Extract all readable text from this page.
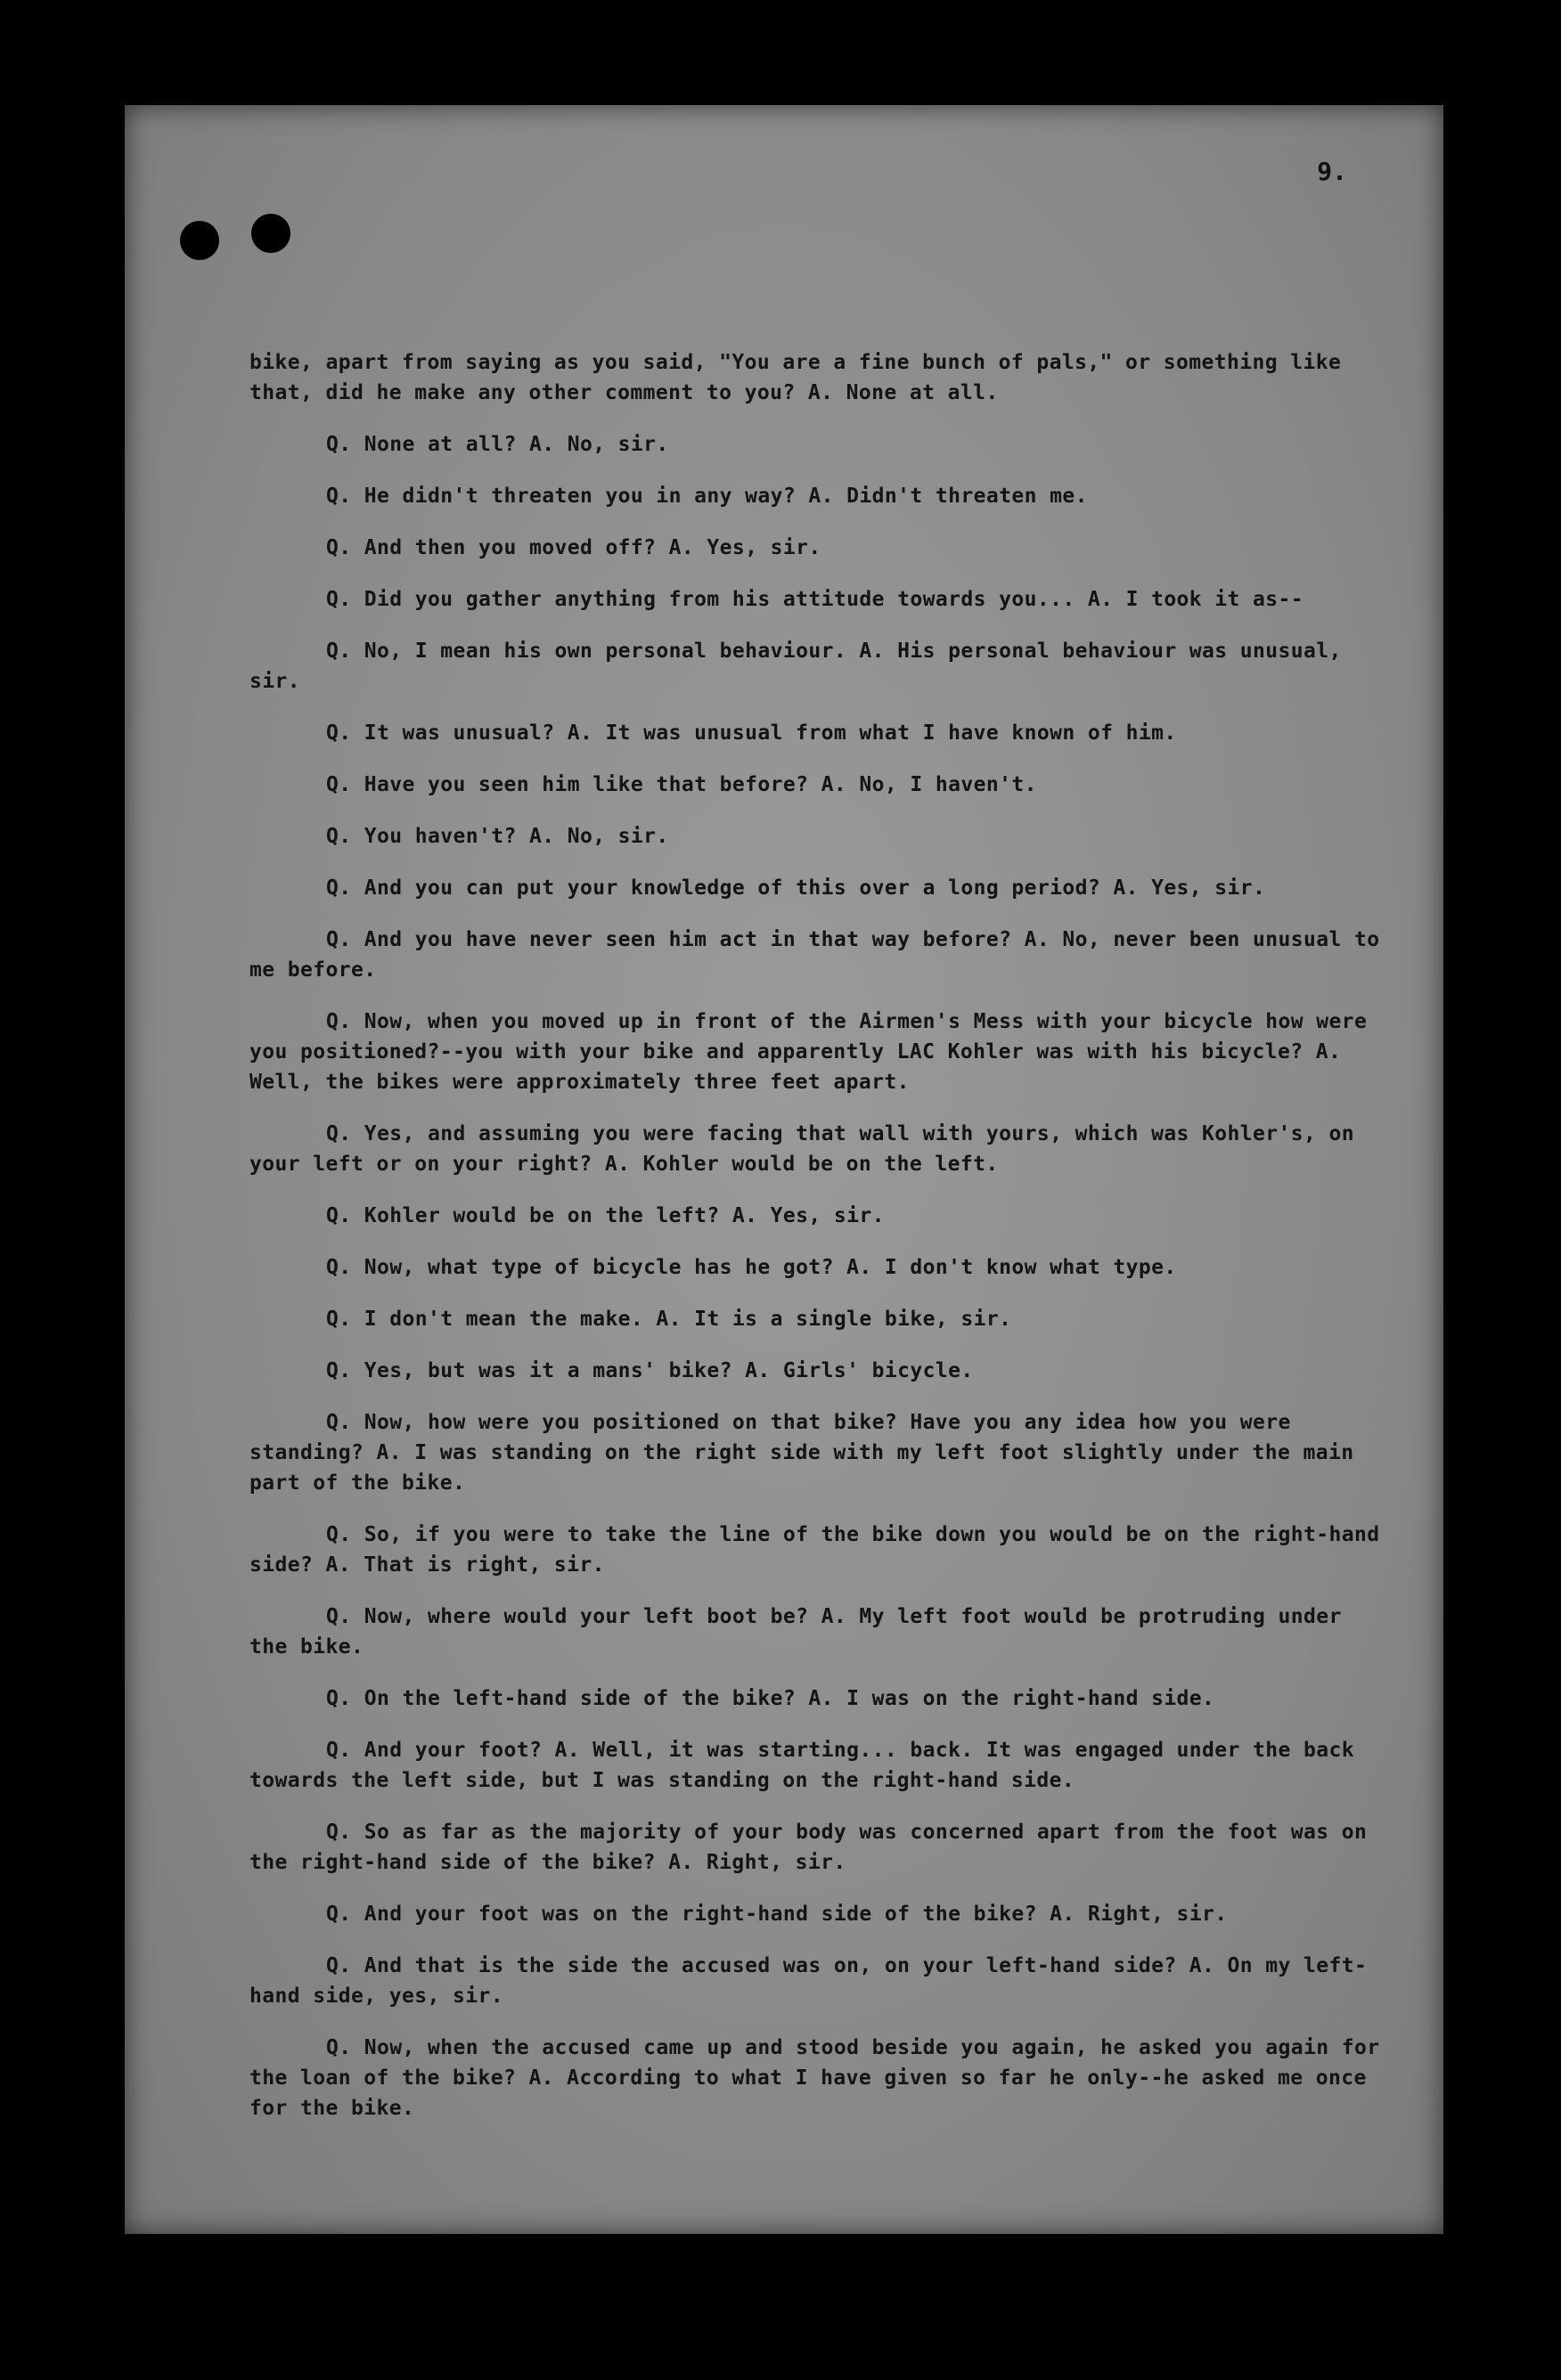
9.

bike, apart from saying as you said, "You are a fine bunch of pals," or something like that, did he make any other comment to you? A. None at all.

Q. None at all? A. No, sir.

Q. He didn't threaten you in any way? A. Didn't threaten me.

Q. And then you moved off? A. Yes, sir.

Q. Did you gather anything from his attitude towards you... A. I took it as--

Q. No, I mean his own personal behaviour. A. His personal behaviour was unusual, sir.

Q. It was unusual? A. It was unusual from what I have known of him.

Q. Have you seen him like that before? A. No, I haven't.

Q. You haven't? A. No, sir.

Q. And you can put your knowledge of this over a long period? A. Yes, sir.

Q. And you have never seen him act in that way before? A. No, never been unusual to me before.

Q. Now, when you moved up in front of the Airmen's Mess with your bicycle how were you positioned?--you with your bike and apparently LAC Kohler was with his bicycle? A. Well, the bikes were approximately three feet apart.

Q. Yes, and assuming you were facing that wall with yours, which was Kohler's, on your left or on your right? A. Kohler would be on the left.

Q. Kohler would be on the left? A. Yes, sir.

Q. Now, what type of bicycle has he got? A. I don't know what type.

Q. I don't mean the make. A. It is a single bike, sir.

Q. Yes, but was it a mans' bike? A. Girls' bicycle.

Q. Now, how were you positioned on that bike? Have you any idea how you were standing? A. I was standing on the right side with my left foot slightly under the main part of the bike.

Q. So, if you were to take the line of the bike down you would be on the right-hand side? A. That is right, sir.

Q. Now, where would your left boot be? A. My left foot would be protruding under the bike.

Q. On the left-hand side of the bike? A. I was on the right-hand side.

Q. And your foot? A. Well, it was starting... back. It was engaged under the back towards the left side, but I was standing on the right-hand side.

Q. So as far as the majority of your body was concerned apart from the foot was on the right-hand side of the bike? A. Right, sir.

Q. And your foot was on the right-hand side of the bike? A. Right, sir.

Q. And that is the side the accused was on, on your left-hand side? A. On my left-hand side, yes, sir.

Q. Now, when the accused came up and stood beside you again, he asked you again for the loan of the bike? A. According to what I have given so far he only--he asked me once for the bike.
